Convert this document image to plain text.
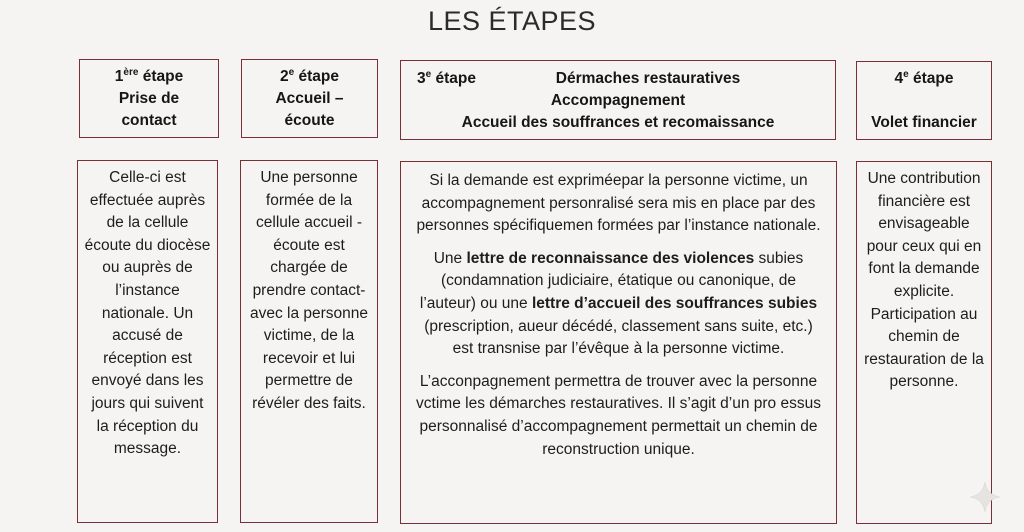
LES ÉTAPES
1ère étape
Prise de
contact
2e étape
Accueil –
écoute
3e étape	Dérmaches restauratives
Accompagnement
Accueil des souffrances et recomaissance
4e étape
Volet financier

Celle-ci est effectuée auprès de la cellule écoute du diocèse ou auprès de l’instance nationale. Un accusé de réception est envoyé dans les jours qui suivent la réception du message.

Une personne formée de la cellule accueil - écoute est chargée de prendre contact-avec la personne victime, de la recevoir et lui permettre de révéler des faits.

Si la demande est expriméepar la personne victime, un accompagnement personralisé sera mis en place par des personnes spécifiquemen formées par l’instance nationale.

Une lettre de reconnaissance des violences subies (condamnation judiciaire, étatique ou canonique, de l’auteur) ou une lettre d’accueil des souffrances subies (prescription, aueur décédé, classement sans suite, etc.) est transnise par l’évêque à la personne victime.

L’acconpagnement permettra de trouver avec la personne vctime les démarches restauratives. Il s’agit d’un pro essus personnalisé d’accompagnement permettait un chemin de reconstruction unique.

Une contribution financière est envisageable pour ceux qui en font la demande explicite. Participation au chemin de restauration de la personne.
